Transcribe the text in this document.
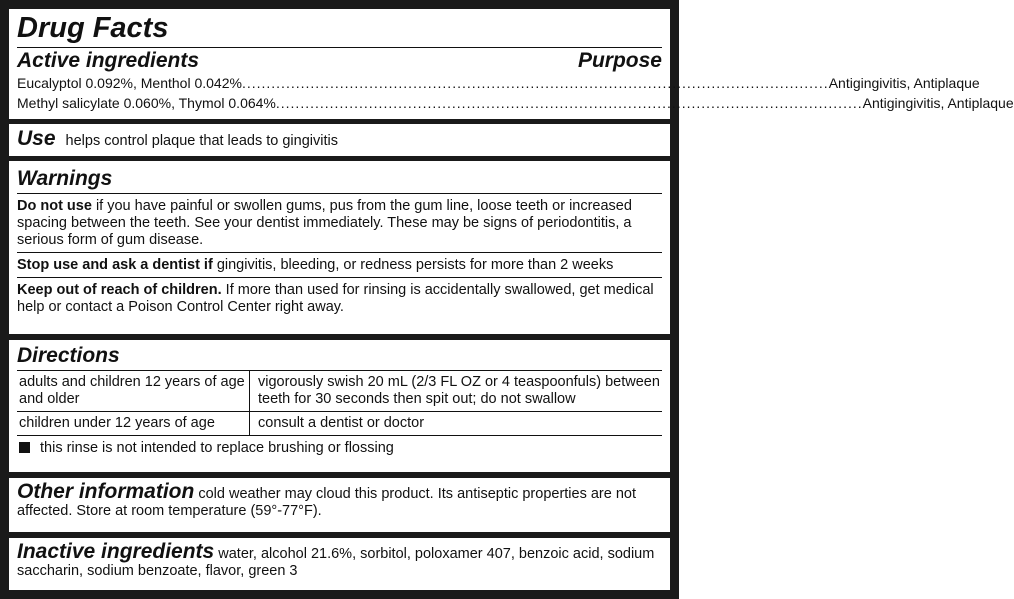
Drug Facts
Active ingredients	Purpose
Eucalyptol 0.092%, Menthol 0.042% ........................................................................................................................ Antigingivitis, Antiplaque
Methyl salicylate 0.060%, Thymol 0.064% ........................................................................................................................ Antigingivitis, Antiplaque
Use helps control plaque that leads to gingivitis
Warnings
Do not use if you have painful or swollen gums, pus from the gum line, loose teeth or increased spacing between the teeth. See your dentist immediately. These may be signs of periodontitis, a serious form of gum disease.
Stop use and ask a dentist if gingivitis, bleeding, or redness persists for more than 2 weeks
Keep out of reach of children. If more than used for rinsing is accidentally swallowed, get medical help or contact a Poison Control Center right away.
Directions
adults and children 12 years of age and older	vigorously swish 20 mL (2/3 FL OZ or 4 teaspoonfuls) between teeth for 30 seconds then spit out; do not swallow
children under 12 years of age	consult a dentist or doctor
this rinse is not intended to replace brushing or flossing
Other information cold weather may cloud this product. Its antiseptic properties are not affected. Store at room temperature (59°-77°F).
Inactive ingredients water, alcohol 21.6%, sorbitol, poloxamer 407, benzoic acid, sodium saccharin, sodium benzoate, flavor, green 3
